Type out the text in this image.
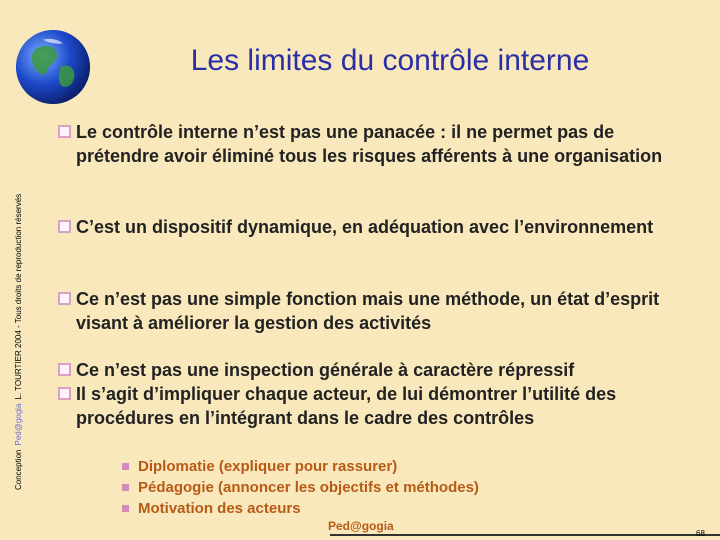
Les limites du contrôle interne
ConceptionPed@gogiaL. TOURTIER 2004 - Tous droits de reproduction réservés
Le contrôle interne n’est pas une panacée : il ne permet pas de prétendre avoir éliminé tous les risques afférents à une organisation
C’est un dispositif dynamique, en adéquation avec l’environnement
Ce n’est pas une simple fonction mais une méthode, un état d’esprit visant à améliorer la gestion des activités
Ce n’est pas une inspection générale à caractère répressif
Il s’agit d’impliquer chaque acteur, de lui démontrer l’utilité des procédures en l’intégrant dans le cadre des contrôles
Diplomatie (expliquer pour rassurer)
Pédagogie (annoncer les objectifs et méthodes)
Motivation des acteurs
Ped@gogia
68
